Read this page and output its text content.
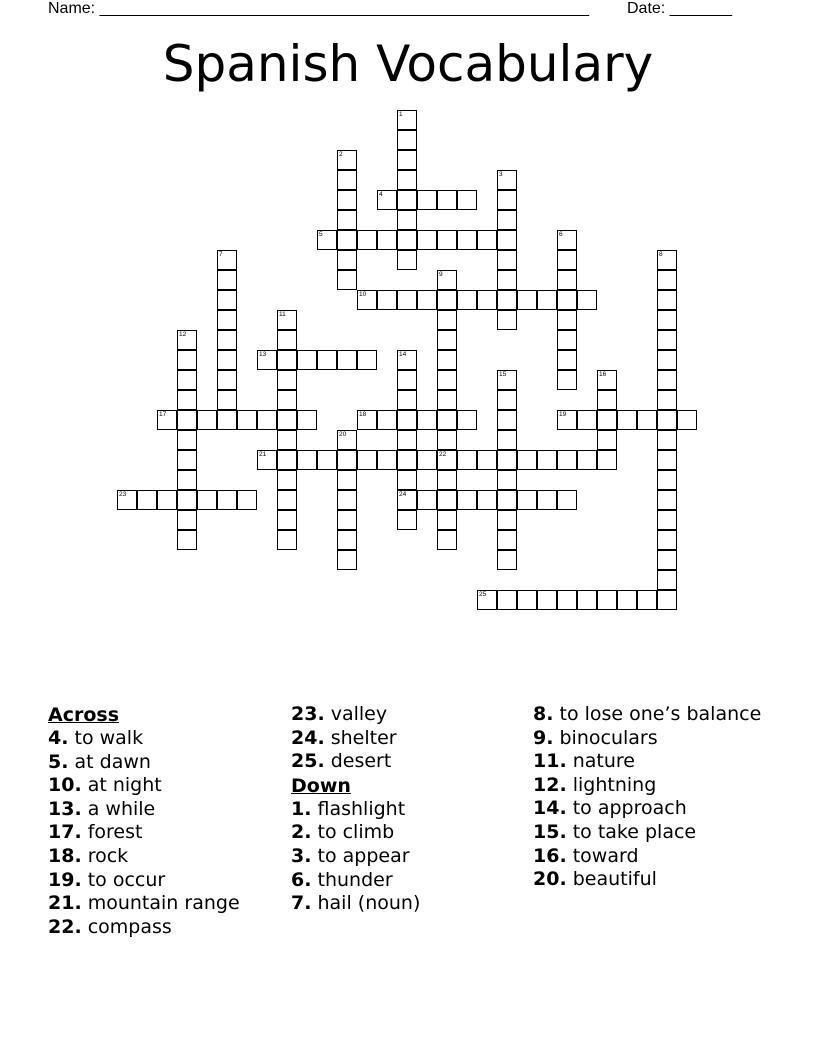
Name: _______________________________________________________ Date: _______
Spanish Vocabulary
1
2
3
4
5	6
7	8
9
22
10
11
12
13	14
24
15	16
17	18	19
20
21
23
25
Across
4. to walk
5. at dawn
10. at night
13. a while
17. forest
18. rock
19. to occur
21. mountain range
22. compass
23. valley
24. shelter
25. desert
Down
1. flashlight
2. to climb
3. to appear
6. thunder
7. hail (noun)
8. to lose one’s balance
9. binoculars
11. nature
12. lightning
14. to approach
15. to take place
16. toward
20. beautiful
